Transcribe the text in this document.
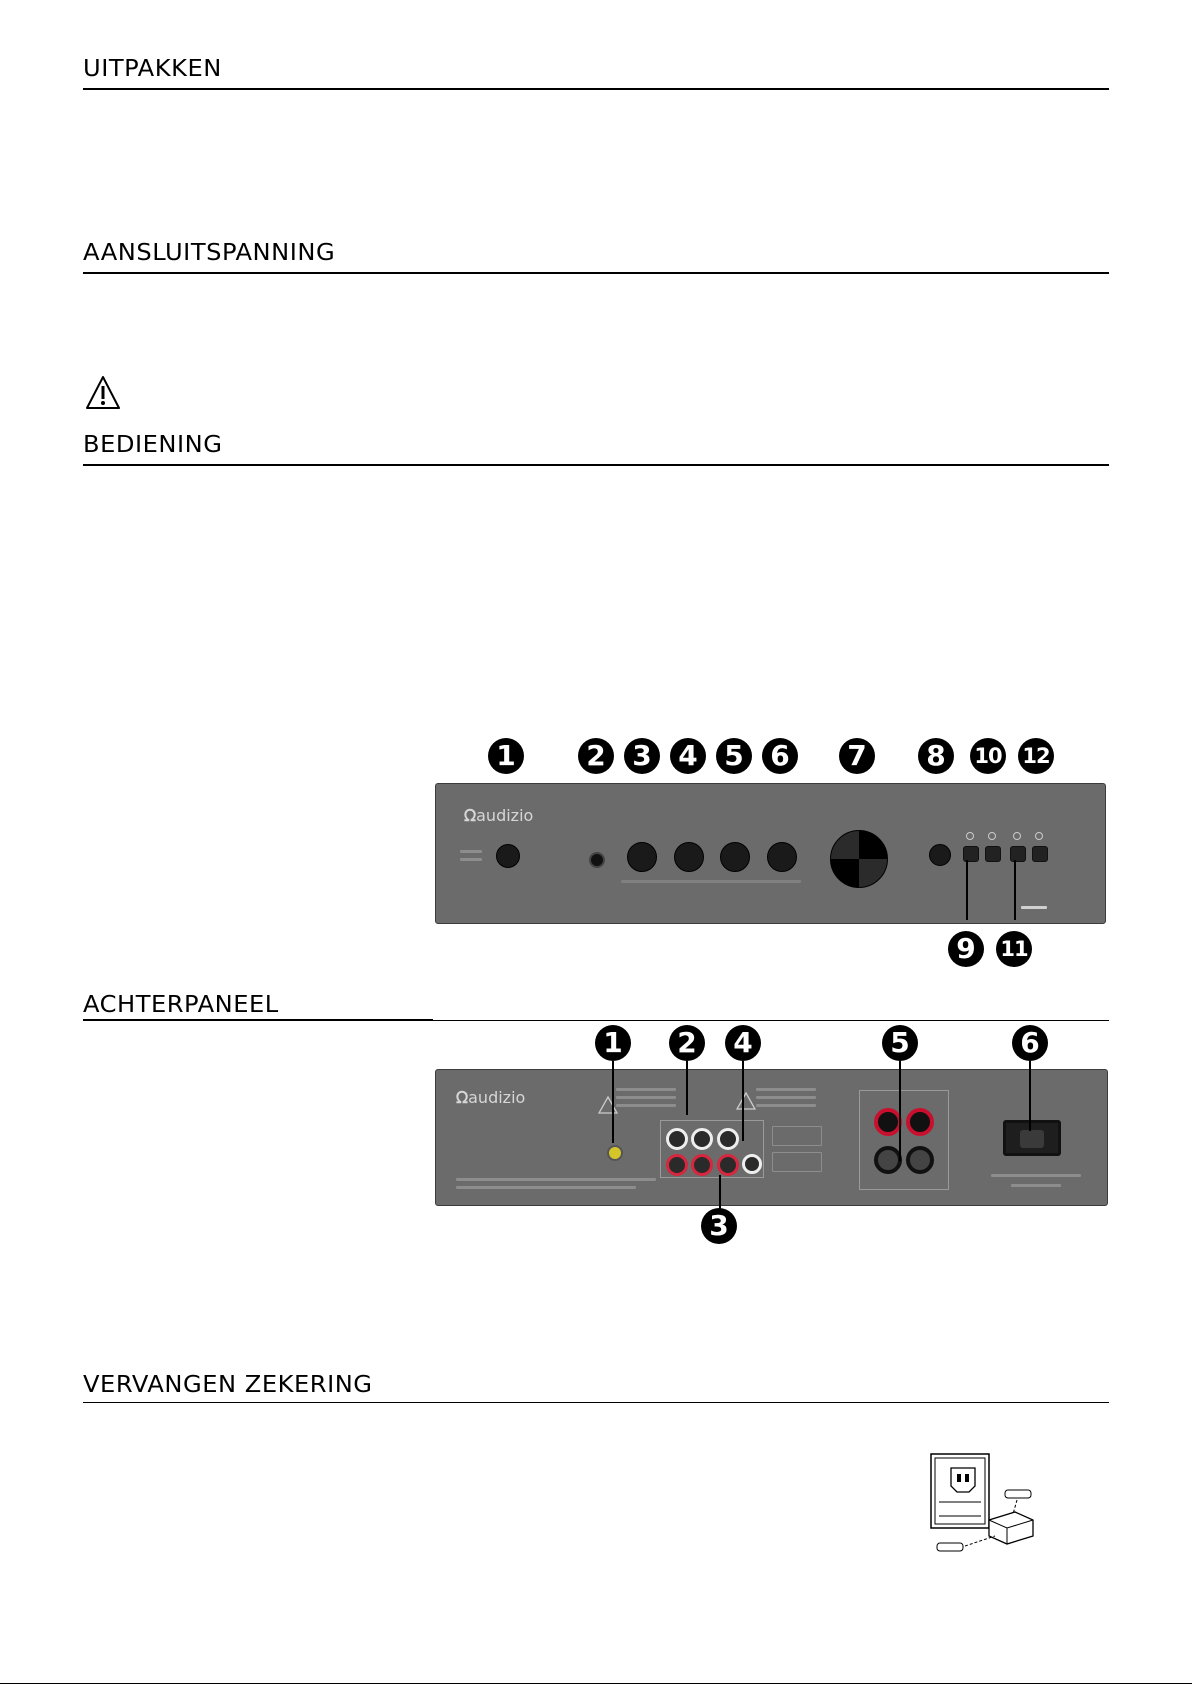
UITPAKKEN
AANSLUITSPANNING
BEDIENING
ᘯaudizio
1	2 3 4 5 6 7 8	10 12
9	11
ACHTERPANEEL
ᘯaudizio
1 2 4	5	6
3
VERVANGEN ZEKERING
